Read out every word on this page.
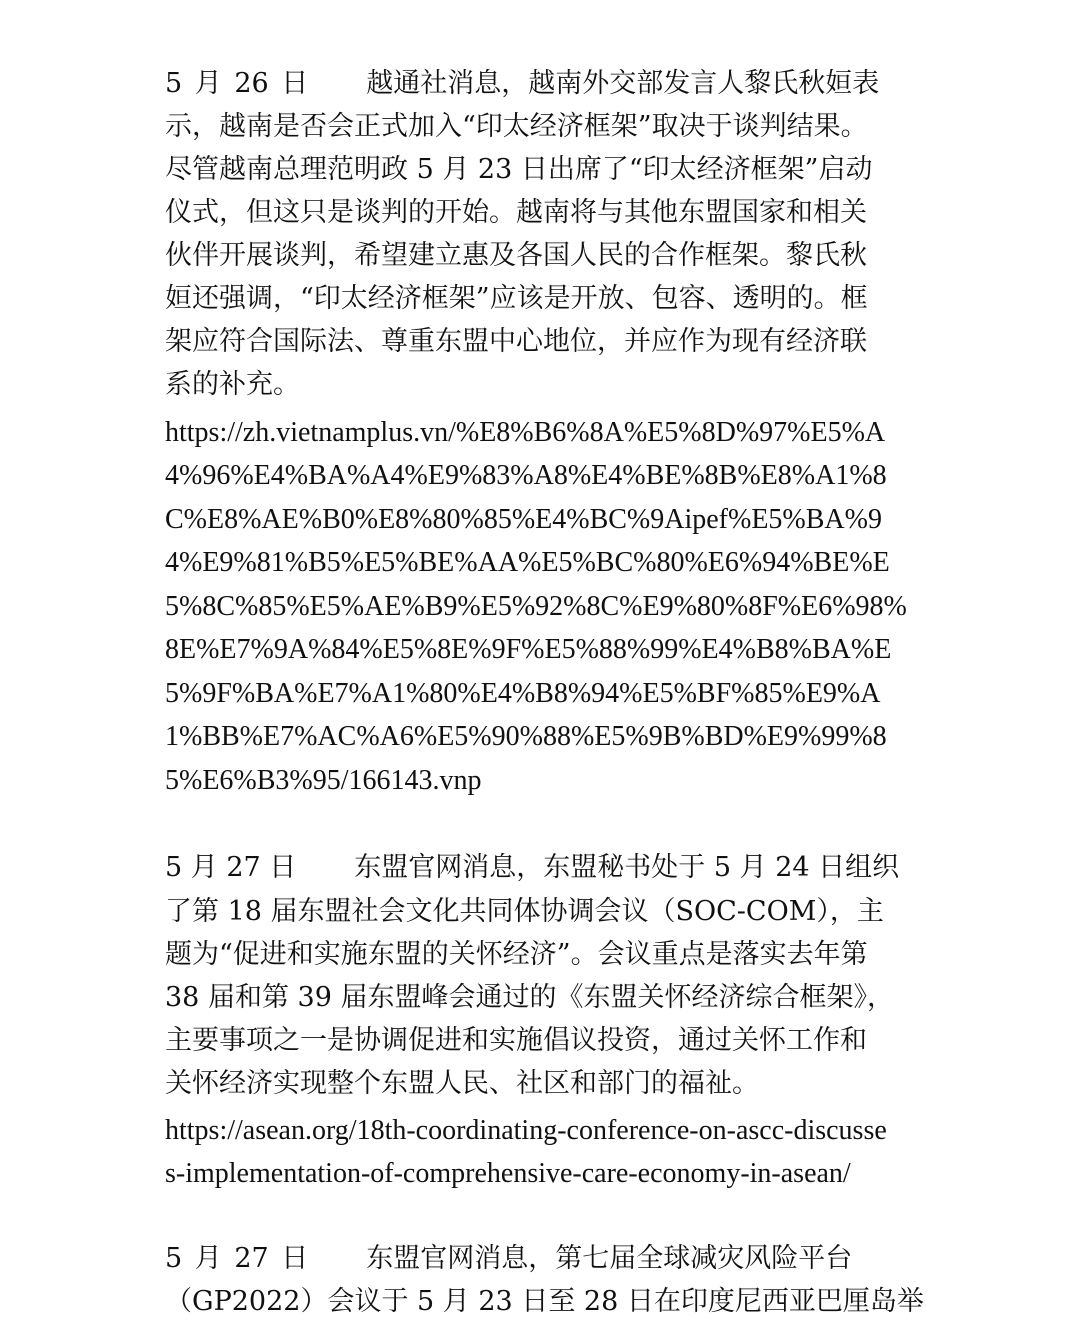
5 月 26 日 越通社消息，越南外交部发言人黎氏秋姮表
示，越南是否会正式加入“印太经济框架”取决于谈判结果。
尽管越南总理范明政 5 月 23 日出席了“印太经济框架”启动
仪式，但这只是谈判的开始。越南将与其他东盟国家和相关
伙伴开展谈判，希望建立惠及各国人民的合作框架。黎氏秋
姮还强调，“印太经济框架”应该是开放、包容、透明的。框
架应符合国际法、尊重东盟中心地位，并应作为现有经济联
系的补充。
https://zh.vietnamplus.vn/%E8%B6%8A%E5%8D%97%E5%A
4%96%E4%BA%A4%E9%83%A8%E4%BE%8B%E8%A1%8
C%E8%AE%B0%E8%80%85%E4%BC%9Aipef%E5%BA%9
4%E9%81%B5%E5%BE%AA%E5%BC%80%E6%94%BE%E
5%8C%85%E5%AE%B9%E5%92%8C%E9%80%8F%E6%98%
8E%E7%9A%84%E5%8E%9F%E5%88%99%E4%B8%BA%E
5%9F%BA%E7%A1%80%E4%B8%94%E5%BF%85%E9%A
1%BB%E7%AC%A6%E5%90%88%E5%9B%BD%E9%99%8
5%E6%B3%95/166143.vnp
5 月 27 日 东盟官网消息，东盟秘书处于 5 月 24 日组织
了第 18 届东盟社会文化共同体协调会议（SOC-COM），主
题为“促进和实施东盟的关怀经济”。会议重点是落实去年第
38 届和第 39 届东盟峰会通过的《东盟关怀经济综合框架》，
主要事项之一是协调促进和实施倡议投资，通过关怀工作和
关怀经济实现整个东盟人民、社区和部门的福祉。
https://asean.org/18th-coordinating-conference-on-ascc-discusse
s-implementation-of-comprehensive-care-economy-in-asean/
5 月 27 日 东盟官网消息，第七届全球减灾风险平台
（GP2022）会议于 5 月 23 日至 28 日在印度尼西亚巴厘岛举
